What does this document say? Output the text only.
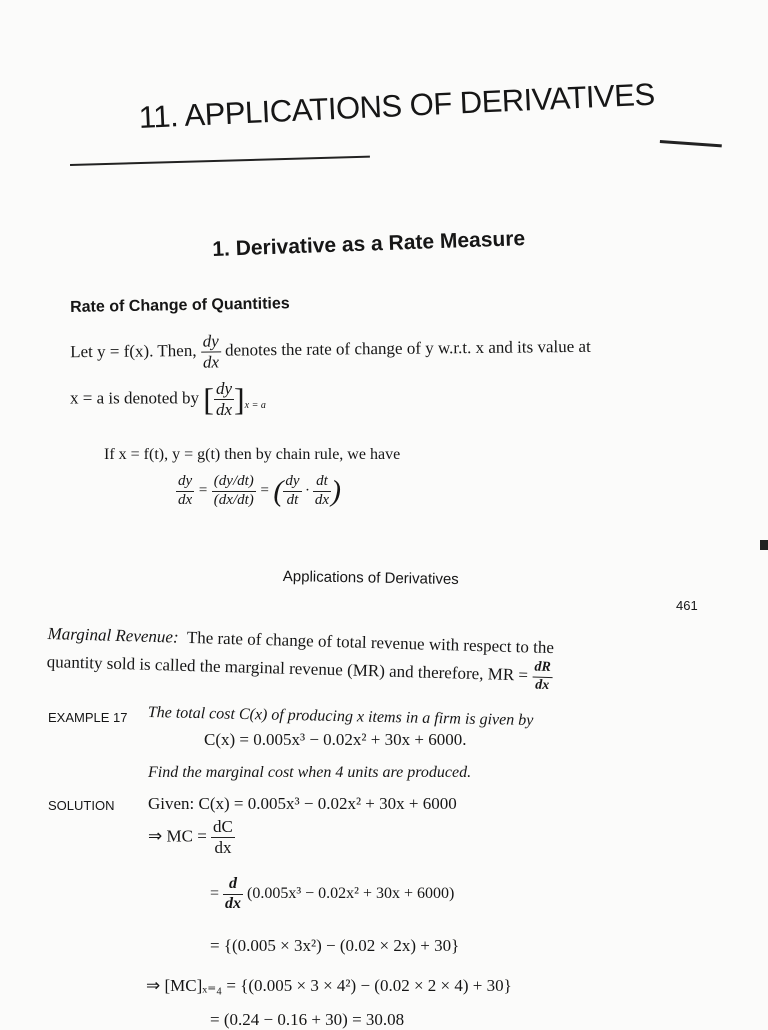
11. APPLICATIONS OF DERIVATIVES
1. Derivative as a Rate Measure
Rate of Change of Quantities
Let y = f(x). Then, $\frac{dy}{dx}$ denotes the rate of change of y w.r.t. x and its value at
x = a is denoted by [ $\frac{dy}{dx} ]_{x = a}$
If x = f(t), y = g(t) then by chain rule, we have
$\frac{dy}{dx} = \frac{(dy/dt)}{(dx/dt)}$ = ( $\frac{dy}{dt} \cdot \frac{dt}{dx}$ )
Applications of Derivatives
461
Marginal Revenue: The rate of change of total revenue with respect to the
quantity sold is called the marginal revenue (MR) and therefore, MR = $\frac{dR}{dx}$
EXAMPLE 17 The total cost C(x) of producing x items in a firm is given by
C(x) = 0.005x³ − 0.02x² + 30x + 6000.
Find the marginal cost when 4 units are produced.
SOLUTION Given: C(x) = 0.005x³ − 0.02x² + 30x + 6000
⇒ MC = $\frac{dC}{dx}$
= $\frac{d}{dx} (0.005x^3 - 0.02x^2 + 30x + 6000)$
= {(0.005 × 3x²) − (0.02 × 2x) + 30}
⇒ [MC]ₓ₌₄ = {(0.005 × 3 × 4²) − (0.02 × 2 × 4) + 30}
= (0.24 − 0.16 + 30) = 30.08
